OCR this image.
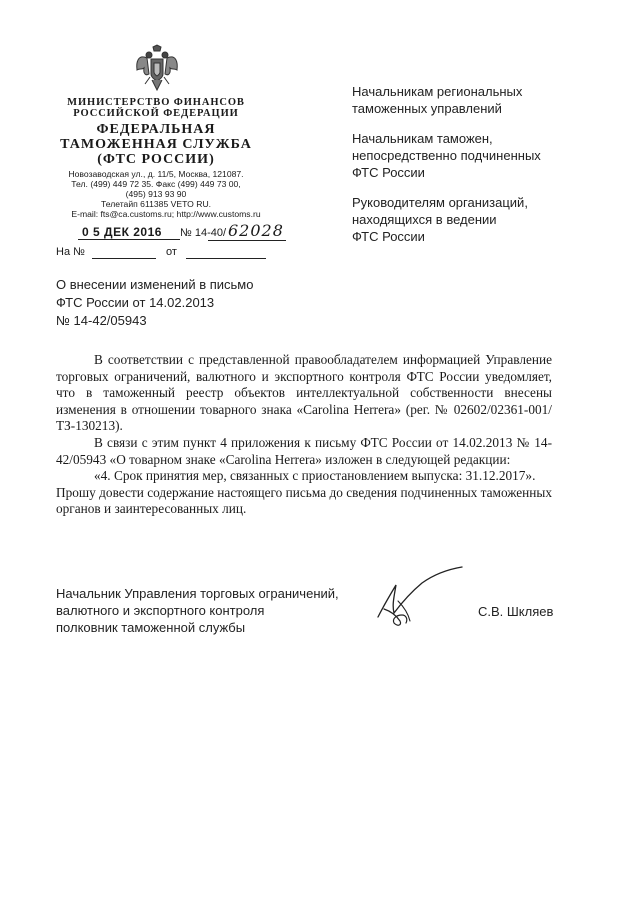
МИНИСТЕРСТВО ФИНАНСОВ
РОССИЙСКОЙ ФЕДЕРАЦИИ
ФЕДЕРАЛЬНАЯ
ТАМОЖЕННАЯ СЛУЖБА
(ФТС РОССИИ)
Новозаводская ул., д. 11/5, Москва, 121087.
Тел. (499) 449 72 35. Факс (499) 449 73 00,
(495) 913 93 90
Телетайп 611385 VETO RU.
E-mail: fts@ca.customs.ru; http://www.customs.ru
0 5 ДЕК 2016	№ 14-40/ 62028
На №	от
Начальникам региональных
таможенных управлений
Начальникам таможен,
непосредственно подчиненных
ФТС России
Руководителям организаций,
находящихся в ведении
ФТС России
О внесении изменений в письмо
ФТС России от 14.02.2013
№ 14-42/05943

В соответствии с представленной правообладателем информацией Управление торговых ограничений, валютного и экспортного контроля ФТС России уведомляет, что в таможенный реестр объектов интеллектуальной собственности внесены изменения в отношении товарного знака «Carolina Herrera» (рег. № 02602/02361-001/ТЗ-130213).

В связи с этим пункт 4 приложения к письму ФТС России от 14.02.2013 № 14-42/05943 «О товарном знаке «Carolina Herrera» изложен в следующей редакции:

«4. Срок принятия мер, связанных с приостановлением выпуска: 31.12.2017».

Прошу довести содержание настоящего письма до сведения подчиненных таможенных органов и заинтересованных лиц.

Начальник Управления торговых ограничений,
валютного и экспортного контроля
полковник таможенной службы
С.В. Шкляев
